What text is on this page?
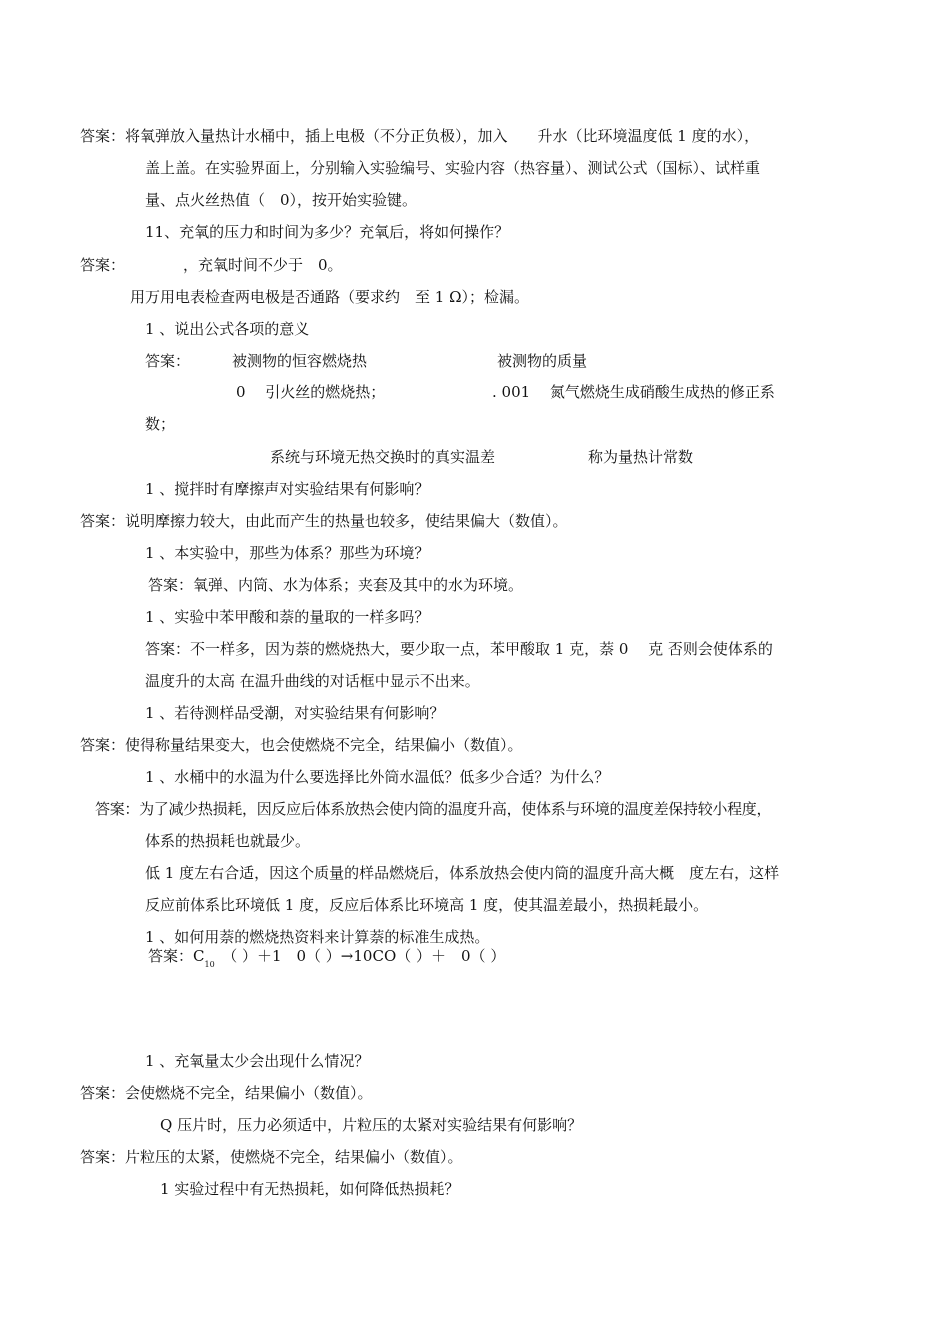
答案：将氧弹放入量热计水桶中，插上电极（不分正负极），加入　　升水（比环境温度低 1 度的水），
盖上盖。在实验界面上，分别输入实验编号、实验内容（热容量）、测试公式（国标）、试样重
量、点火丝热值（　0），按开始实验键。
11、充氧的压力和时间为多少？充氧后，将如何操作？
答案：	，充氧时间不少于　0。
用万用电表检查两电极是否通路（要求约　至 1 Ω）；检漏。
1 、说出公式各项的意义
答案：	被测物的恒容燃烧热	被测物的质量
0　 引火丝的燃烧热；	. 001　 氮气燃烧生成硝酸生成热的修正系
数；
系统与环境无热交换时的真实温差	称为量热计常数
1 、搅拌时有摩擦声对实验结果有何影响？
答案：说明摩擦力较大，由此而产生的热量也较多，使结果偏大（数值）。
1 、本实验中，那些为体系？那些为环境？
答案：氧弹、内筒、水为体系；夹套及其中的水为环境。
1 、实验中苯甲酸和萘的量取的一样多吗？
答案：不一样多，因为萘的燃烧热大，要少取一点，苯甲酸取 1 克，萘 0　 克 否则会使体系的
温度升的太高 在温升曲线的对话框中显示不出来。
1 、若待测样品受潮，对实验结果有何影响？
答案：使得称量结果变大，也会使燃烧不完全，结果偏小（数值）。
1 、水桶中的水温为什么要选择比外筒水温低？低多少合适？为什么？
答案：为了减少热损耗，因反应后体系放热会使内筒的温度升高，使体系与环境的温度差保持较小程度，
体系的热损耗也就最少。
低 1 度左右合适，因这个质量的样品燃烧后，体系放热会使内筒的温度升高大概　度左右，这样
反应前体系比环境低 1 度，反应后体系比环境高 1 度，使其温差最小，热损耗最小。
1 、如何用萘的燃烧热资料来计算萘的标准生成热。
答案：$C_{10}$　 （ ）＋1　0（ ）→10CO（ ）＋　0（ ）
1 、充氧量太少会出现什么情况？
答案：会使燃烧不完全，结果偏小（数值）。
Q 压片时，压力必须适中，片粒压的太紧对实验结果有何影响？
答案：片粒压的太紧，使燃烧不完全，结果偏小（数值）。
1 实验过程中有无热损耗，如何降低热损耗？
